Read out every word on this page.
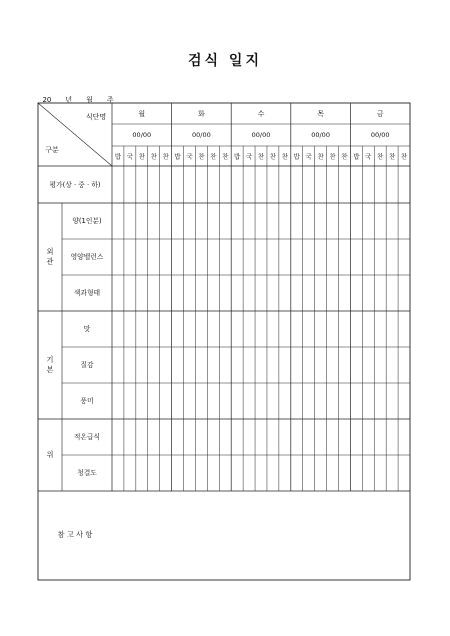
검식 일지

20 년 월 주

식단명
구분
월
00/00
밥 국 찬 찬 찬
화
00/00
밥 국 찬 찬 찬
수
00/00
밥 국 찬 찬 찬
목
00/00
밥 국 찬 찬 찬
금
00/00
밥 국 찬 찬 찬
평가(상 · 중 · 하)
외
관
양(1인분)
영양밸런스
색과형태
기
본
맛
질감
풍미
위
적온급식
청결도
참 고 사 항
